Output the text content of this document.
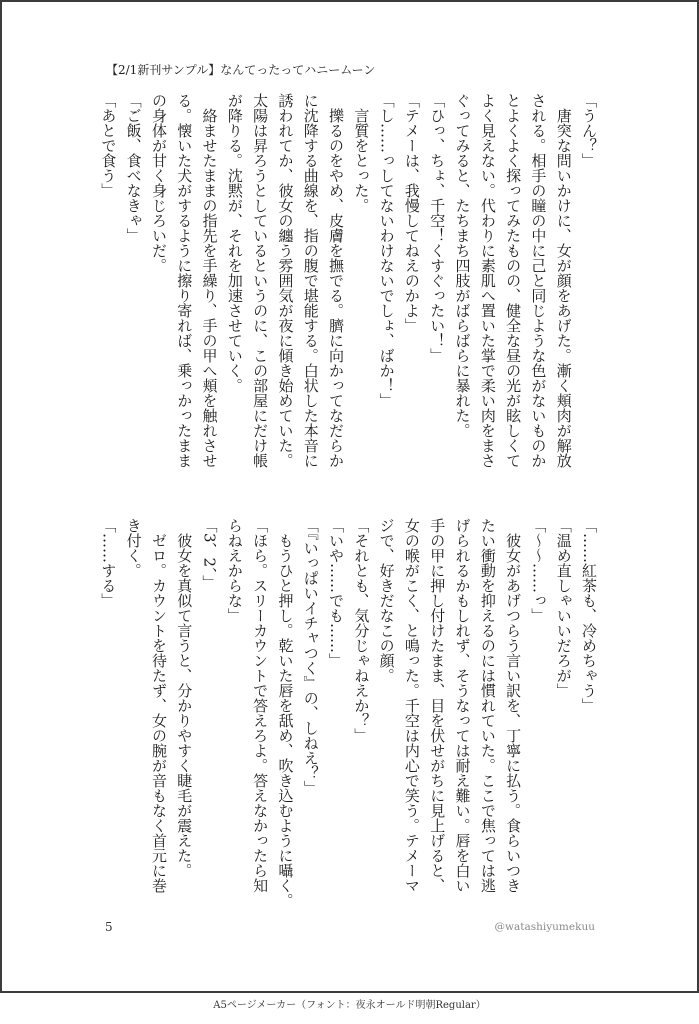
【2/1新刊サンプル】なんてったってハニームーン
「うん？」
　唐突な問いかけに、女が顔をあげた。漸く頬肉が解放
される。相手の瞳の中に己と同じような色がないものか
とよくよく探ってみたものの、健全な昼の光が眩しくて
よく見えない。代わりに素肌へ置いた掌で柔い肉をまさ
ぐってみると、たちまち四肢がばらばらに暴れた。
「ひっ、ちょ、千空！くすぐったい！」
「テメーは、我慢してねえのかよ」
「し……っしてないわけないでしょ、ばか！」
　言質をとった。
　擽るのをやめ、皮膚を撫でる。臍に向かってなだらか
に沈降する曲線を、指の腹で堪能する。白状した本音に
誘われてか、彼女の纏う雰囲気が夜に傾き始めていた。
太陽は昇ろうとしているというのに、この部屋にだけ帳
が降りる。沈黙が、それを加速させていく。
　絡ませたままの指先を手繰り、手の甲へ頬を触れさせ
る。懐いた犬がするように擦り寄れば、乗っかったまま
の身体が甘く身じろいだ。
「ご飯、食べなきゃ」
「あとで食う」
「……紅茶も、冷めちゃう」
「温め直しゃいいだろが」
「〜〜……っ」
　彼女があげつらう言い訳を、丁寧に払う。食らいつき
たい衝動を抑えるのには慣れていた。ここで焦っては逃
げられるかもしれず、そうなっては耐え難い。唇を白い
手の甲に押し付けたまま、目を伏せがちに見上げると、
女の喉がこく、と鳴った。千空は内心で笑う。テメーマ
ジで、好きだなこの顔。
「それとも、気分じゃねえか？」
「いや……でも……」
「『いっぱいイチャつく』の、しねえ？」
　もうひと押し。乾いた唇を舐め、吹き込むように囁く。
「ほら。スリーカウントで答えろよ。答えなかったら知
らねえからな」
「3、2、」
　彼女を真似て言うと、分かりやすく睫毛が震えた。
　ゼロ。カウントを待たず、女の腕が音もなく首元に巻
き付く。
「……する」
5	@watashiyumekuu
A5ページメーカー（フォント：夜永オールド明朝Regular）
